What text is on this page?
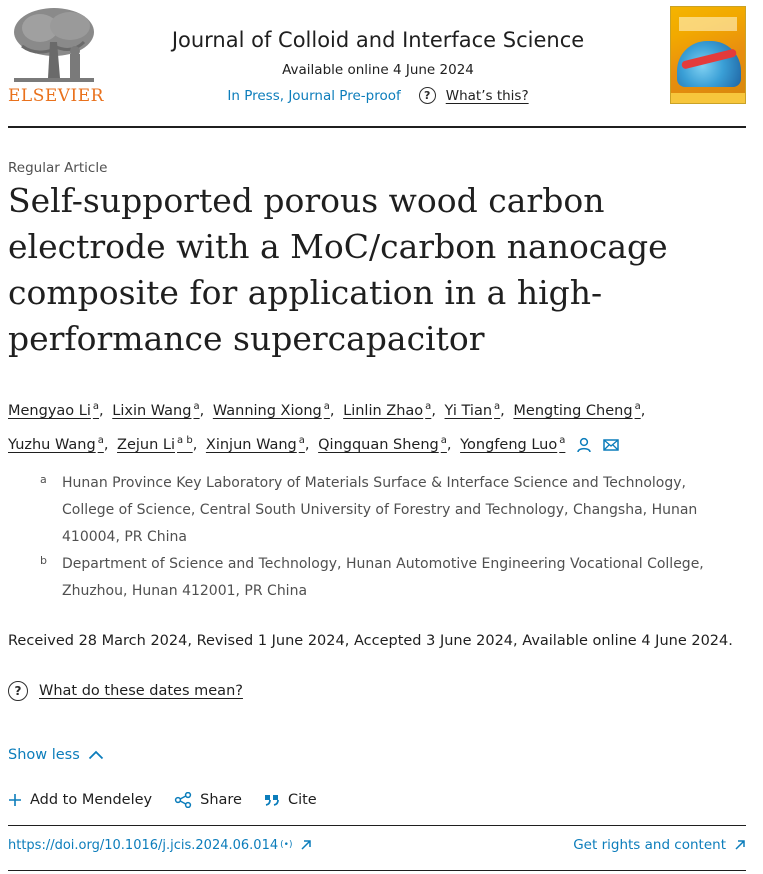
ELSEVIER
Journal of Colloid and Interface Science
Available online 4 June 2024
In Press, Journal Pre-proof	?	What’s this?
Regular Article
Self-supported porous wood carbon electrode with a MoC/carbon nanocage composite for application in a high-performance supercapacitor
Mengyao Li $^a$, Lixin Wang $^a$, Wanning Xiong $^a$, Linlin Zhao $^a$, Yi Tian $^a$, Mengting Cheng $^a$,
Yuzhu Wang $^a$, Zejun Li $^{a b}$, Xinjun Wang $^a$, Qingquan Sheng $^a$, Yongfeng Luo $^a$
a Hunan Province Key Laboratory of Materials Surface & Interface Science and Technology, College of Science, Central South University of Forestry and Technology, Changsha, Hunan 410004, PR China
b Department of Science and Technology, Hunan Automotive Engineering Vocational College, Zhuzhou, Hunan 412001, PR China
Received 28 March 2024, Revised 1 June 2024, Accepted 3 June 2024, Available online 4 June 2024.
?	What do these dates mean?
Show less
Add to Mendeley	Share	Cite
https://doi.org/10.1016/j.jcis.2024.06.014 (•)	Get rights and content
